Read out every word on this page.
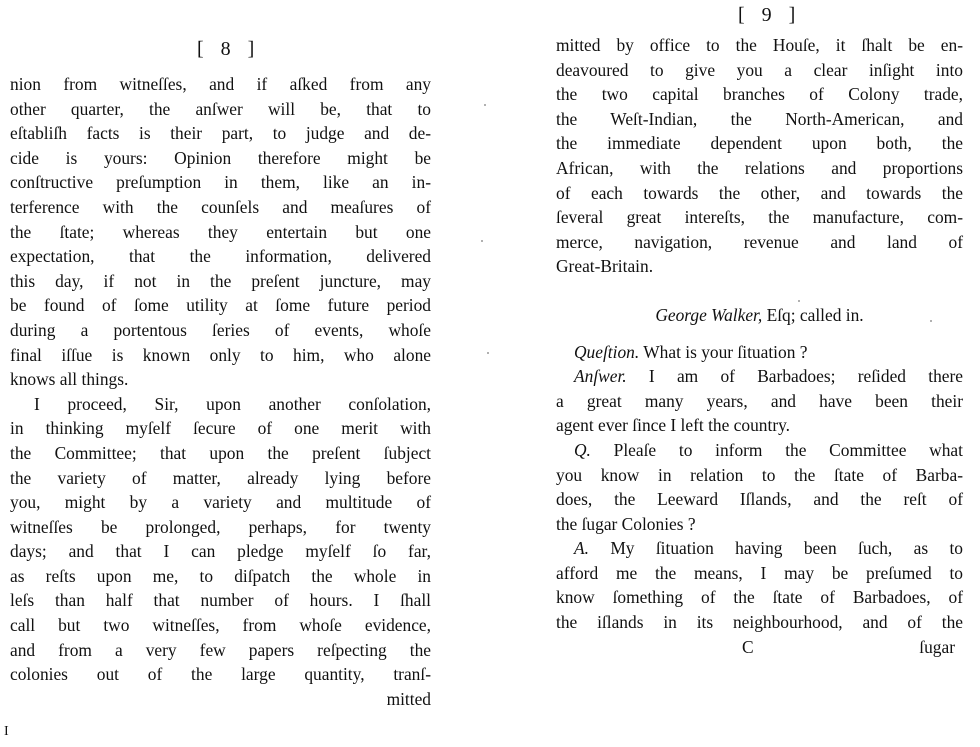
[ 8 ]
nion from witneſſes, and if aſked from any
other quarter, the anſwer will be, that to
eſtabliſh facts is their part, to judge and de-
cide is yours: Opinion therefore might be
conſtructive preſumption in them, like an in-
terference with the counſels and meaſures of
the ſtate; whereas they entertain but one
expectation, that the information, delivered
this day, if not in the preſent juncture, may
be found of ſome utility at ſome future period
during a portentous ſeries of events, whoſe
final iſſue is known only to him, who alone
knows all things.
I proceed, Sir, upon another conſolation,
in thinking myſelf ſecure of one merit with
the Committee; that upon the preſent ſubject
the variety of matter, already lying before
you, might by a variety and multitude of
witneſſes be prolonged, perhaps, for twenty
days; and that I can pledge myſelf ſo far,
as reſts upon me, to diſpatch the whole in
leſs than half that number of hours. I ſhall
call but two witneſſes, from whoſe evidence,
and from a very few papers reſpecting the
colonies out of the large quantity, tranſ-
mitted
[ 9 ]
mitted by office to the Houſe, it ſhalt be en-
deavoured to give you a clear inſight into
the two capital branches of Colony trade,
the Weſt-Indian, the North-American, and
the immediate dependent upon both, the
African, with the relations and proportions
of each towards the other, and towards the
ſeveral great intereſts, the manufacture, com-
merce, navigation, revenue and land of
Great-Britain.
George Walker, Eſq; called in.
Queſtion. What is your ſituation ?
Anſwer. I am of Barbadoes; reſided there
a great many years, and have been their
agent ever ſince I left the country.
Q. Pleaſe to inform the Committee what
you know in relation to the ſtate of Barba-
does, the Leeward Iſlands, and the reſt of
the ſugar Colonies ?
A. My ſituation having been ſuch, as to
afford me the means, I may be preſumed to
know ſomething of the ſtate of Barbadoes, of
the iſlands in its neighbourhood, and of the
C	ſugar
I
